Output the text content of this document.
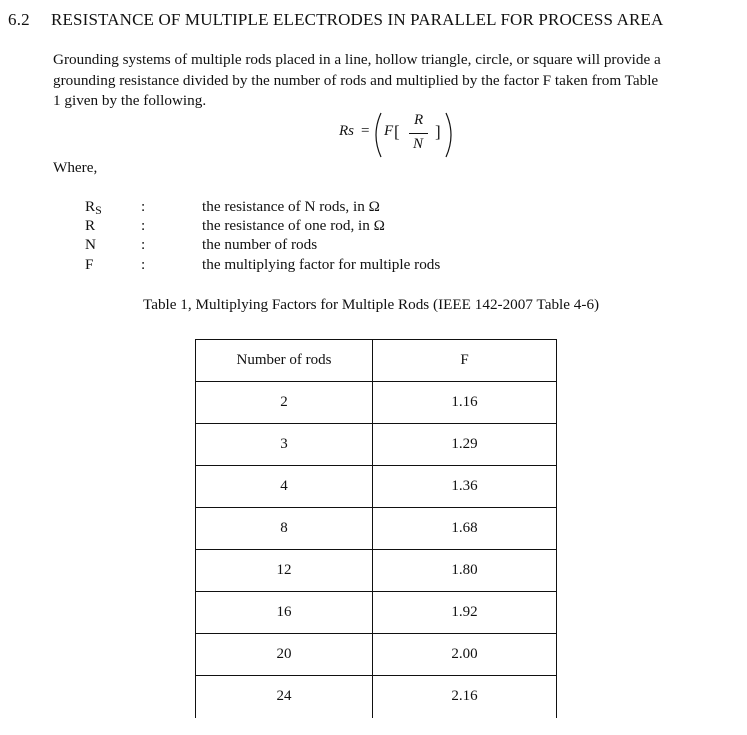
6.2 RESISTANCE OF MULTIPLE ELECTRODES IN PARALLEL FOR PROCESS AREA
Grounding systems of multiple rods placed in a line, hollow triangle, circle, or square will provide a
grounding resistance divided by the number of rods and multiplied by the factor F taken from Table
1 given by the following.
Rs = F [
R
N
]
Where,
RS	:	the resistance of N rods, in Ω
R	:	the resistance of one rod, in Ω
N	:	the number of rods
F	:	the multiplying factor for multiple rods
Table 1, Multiplying Factors for Multiple Rods (IEEE 142-2007 Table 4-6)
Number of rods	F
2	1.16
3	1.29
4	1.36
8	1.68
12	1.80
16	1.92
20	2.00
24	2.16
